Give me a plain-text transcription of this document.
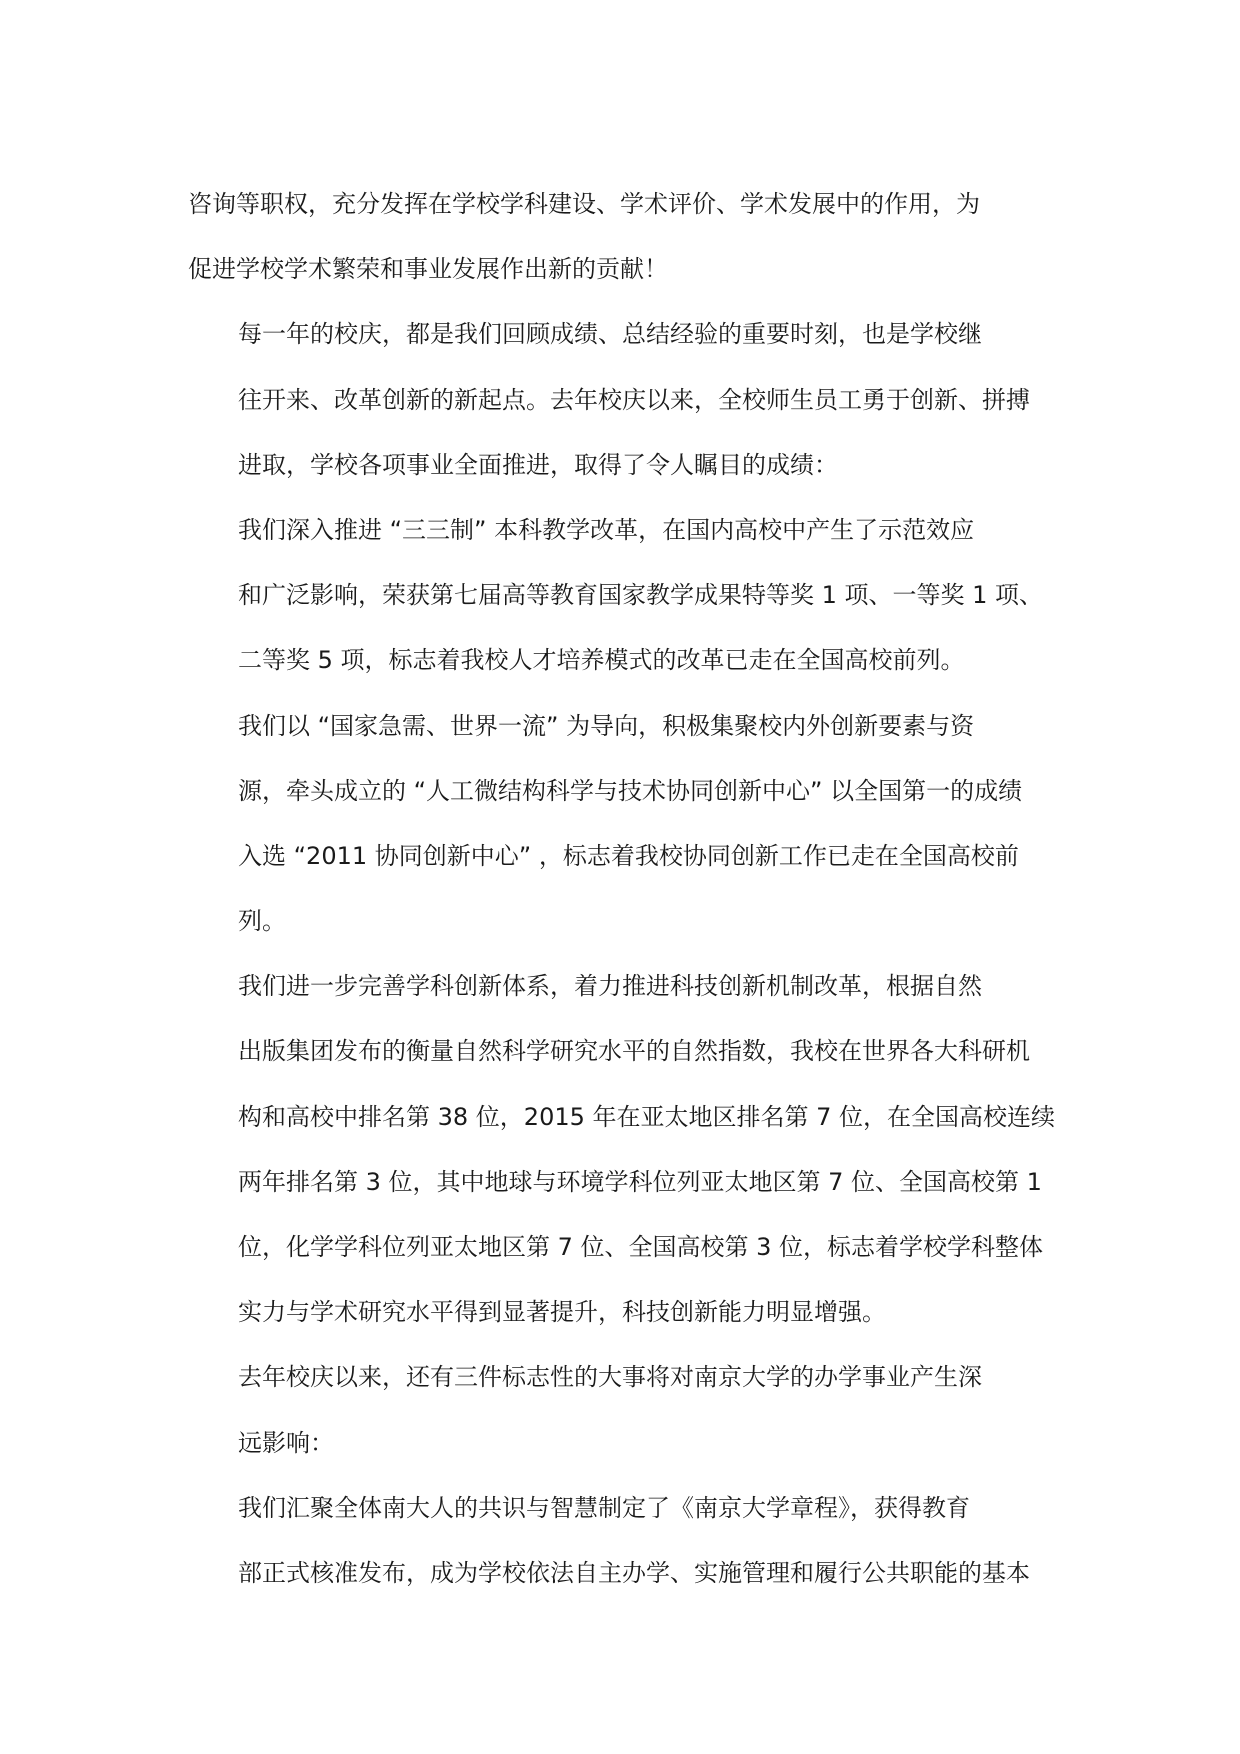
咨询等职权，充分发挥在学校学科建设、学术评价、学术发展中的作用，为
促进学校学术繁荣和事业发展作出新的贡献！
每一年的校庆，都是我们回顾成绩、总结经验的重要时刻，也是学校继
往开来、改革创新的新起点。去年校庆以来，全校师生员工勇于创新、拼搏
进取，学校各项事业全面推进，取得了令人瞩目的成绩：
我们深入推进 “三三制” 本科教学改革，在国内高校中产生了示范效应
和广泛影响，荣获第七届高等教育国家教学成果特等奖 1 项、一等奖 1 项、
二等奖 5 项，标志着我校人才培养模式的改革已走在全国高校前列。
我们以 “国家急需、世界一流” 为导向，积极集聚校内外创新要素与资
源，牵头成立的 “人工微结构科学与技术协同创新中心” 以全国第一的成绩
入选 “2011 协同创新中心” ，标志着我校协同创新工作已走在全国高校前
列。
我们进一步完善学科创新体系，着力推进科技创新机制改革，根据自然
出版集团发布的衡量自然科学研究水平的自然指数，我校在世界各大科研机
构和高校中排名第 38 位，2015 年在亚太地区排名第 7 位，在全国高校连续
两年排名第 3 位，其中地球与环境学科位列亚太地区第 7 位、全国高校第 1
位，化学学科位列亚太地区第 7 位、全国高校第 3 位，标志着学校学科整体
实力与学术研究水平得到显著提升，科技创新能力明显增强。
去年校庆以来，还有三件标志性的大事将对南京大学的办学事业产生深
远影响：
我们汇聚全体南大人的共识与智慧制定了《南京大学章程》，获得教育
部正式核准发布，成为学校依法自主办学、实施管理和履行公共职能的基本
